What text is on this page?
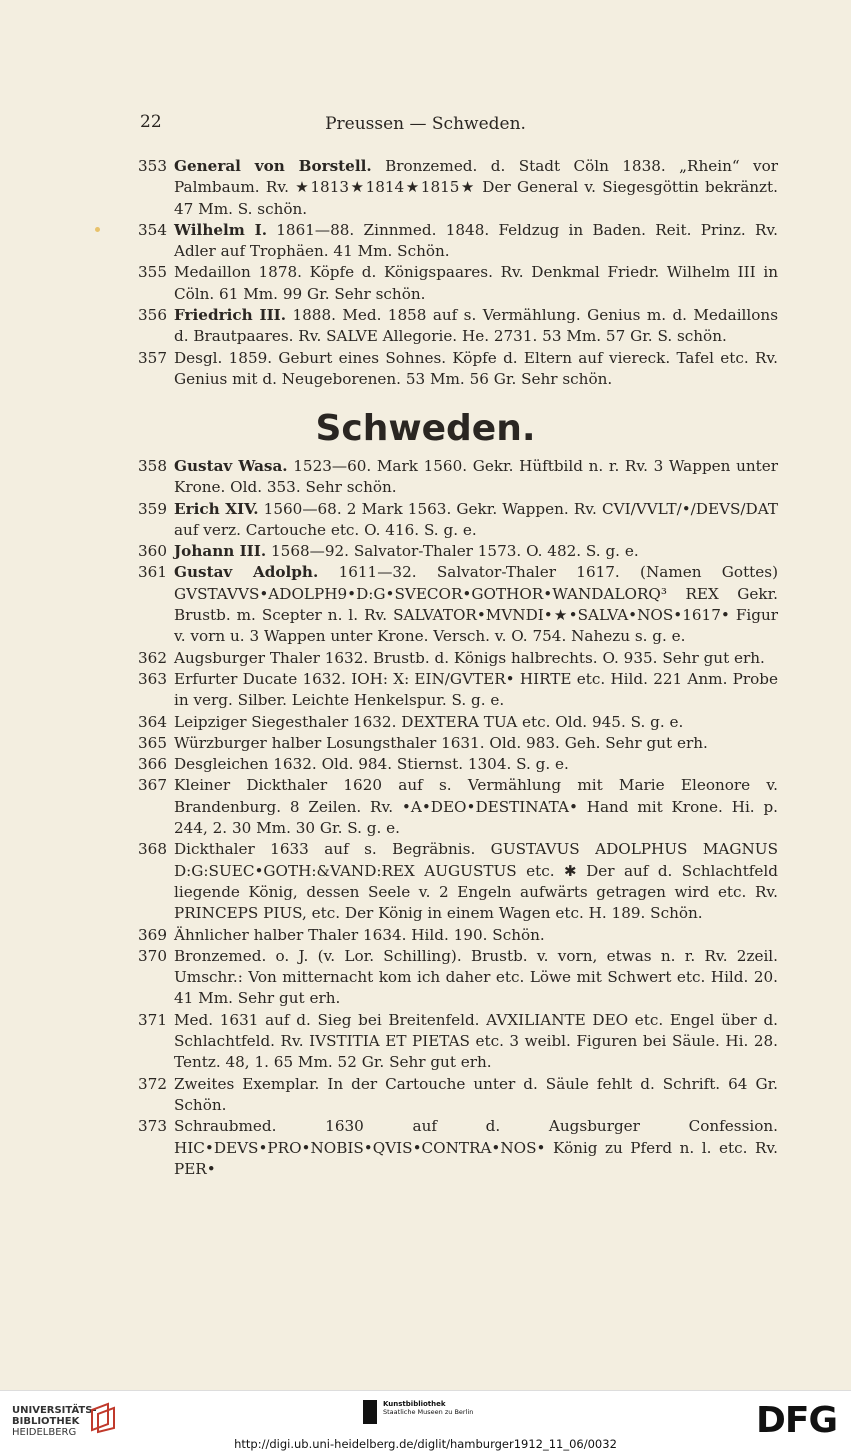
22	Preussen — Schweden.
353 General von Borstell. Bronzemed. d. Stadt Cöln 1838. „Rhein“ vor Palmbaum. Rv. ★1813★1814★1815★ Der General v. Siegesgöttin bekränzt. 47 Mm. S. schön.
354 Wilhelm I. 1861—88. Zinnmed. 1848. Feldzug in Baden. Reit. Prinz. Rv. Adler auf Trophäen. 41 Mm. Schön.
355 Medaillon 1878. Köpfe d. Königspaares. Rv. Denkmal Friedr. Wilhelm III in Cöln. 61 Mm. 99 Gr. Sehr schön.
356 Friedrich III. 1888. Med. 1858 auf s. Vermählung. Genius m. d. Medaillons d. Brautpaares. Rv. SALVE Allegorie. He. 2731. 53 Mm. 57 Gr. S. schön.
357 Desgl. 1859. Geburt eines Sohnes. Köpfe d. Eltern auf viereck. Tafel etc. Rv. Genius mit d. Neugeborenen. 53 Mm. 56 Gr. Sehr schön.
Schweden.
358 Gustav Wasa. 1523—60. Mark 1560. Gekr. Hüftbild n. r. Rv. 3 Wappen unter Krone. Old. 353. Sehr schön.
359 Erich XIV. 1560—68. 2 Mark 1563. Gekr. Wappen. Rv. CVI/VVLT/•/DEVS/DAT auf verz. Cartouche etc. O. 416. S. g. e.
360 Johann III. 1568—92. Salvator-Thaler 1573. O. 482. S. g. e.
361 Gustav Adolph. 1611—32. Salvator-Thaler 1617. (Namen Gottes) GVSTAVVS•ADOLPH9•D:G•SVECOR•GOTHOR•WANDALORQ³ REX Gekr. Brustb. m. Scepter n. l. Rv. SALVATOR•MVNDI•★•SALVA•NOS•1617• Figur v. vorn u. 3 Wappen unter Krone. Versch. v. O. 754. Nahezu s. g. e.
362 Augsburger Thaler 1632. Brustb. d. Königs halbrechts. O. 935. Sehr gut erh.
363 Erfurter Ducate 1632. IOH: X: EIN/GVTER• HIRTE etc. Hild. 221 Anm. Probe in verg. Silber. Leichte Henkelspur. S. g. e.
364 Leipziger Siegesthaler 1632. DEXTERA TUA etc. Old. 945. S. g. e.
365 Würzburger halber Losungsthaler 1631. Old. 983. Geh. Sehr gut erh.
366 Desgleichen 1632. Old. 984. Stiernst. 1304. S. g. e.
367 Kleiner Dickthaler 1620 auf s. Vermählung mit Marie Eleonore v. Brandenburg. 8 Zeilen. Rv. •A•DEO•DESTINATA• Hand mit Krone. Hi. p. 244, 2. 30 Mm. 30 Gr. S. g. e.
368 Dickthaler 1633 auf s. Begräbnis. GUSTAVUS ADOLPHUS MAGNUS D:G:SUEC•GOTH:&VAND:REX AUGUSTUS etc. ✱ Der auf d. Schlachtfeld liegende König, dessen Seele v. 2 Engeln aufwärts getragen wird etc. Rv. PRINCEPS PIUS, etc. Der König in einem Wagen etc. H. 189. Schön.
369 Ähnlicher halber Thaler 1634. Hild. 190. Schön.
370 Bronzemed. o. J. (v. Lor. Schilling). Brustb. v. vorn, etwas n. r. Rv. 2zeil. Umschr.: Von mitternacht kom ich daher etc. Löwe mit Schwert etc. Hild. 20. 41 Mm. Sehr gut erh.
371 Med. 1631 auf d. Sieg bei Breitenfeld. AVXILIANTE DEO etc. Engel über d. Schlachtfeld. Rv. IVSTITIA ET PIETAS etc. 3 weibl. Figuren bei Säule. Hi. 28. Tentz. 48, 1. 65 Mm. 52 Gr. Sehr gut erh.
372 Zweites Exemplar. In der Cartouche unter d. Säule fehlt d. Schrift. 64 Gr. Schön.
373 Schraubmed. 1630 auf d. Augsburger Confession. HIC•DEVS•PRO•NOBIS•QVIS•CONTRA•NOS• König zu Pferd n. l. etc. Rv. PER•
UNIVERSITÄTS-
BIBLIOTHEK
HEIDELBERG
Kunstbibliothek
Staatliche Museen zu Berlin	DFG
http://digi.ub.uni-heidelberg.de/diglit/hamburger1912_11_06/0032
